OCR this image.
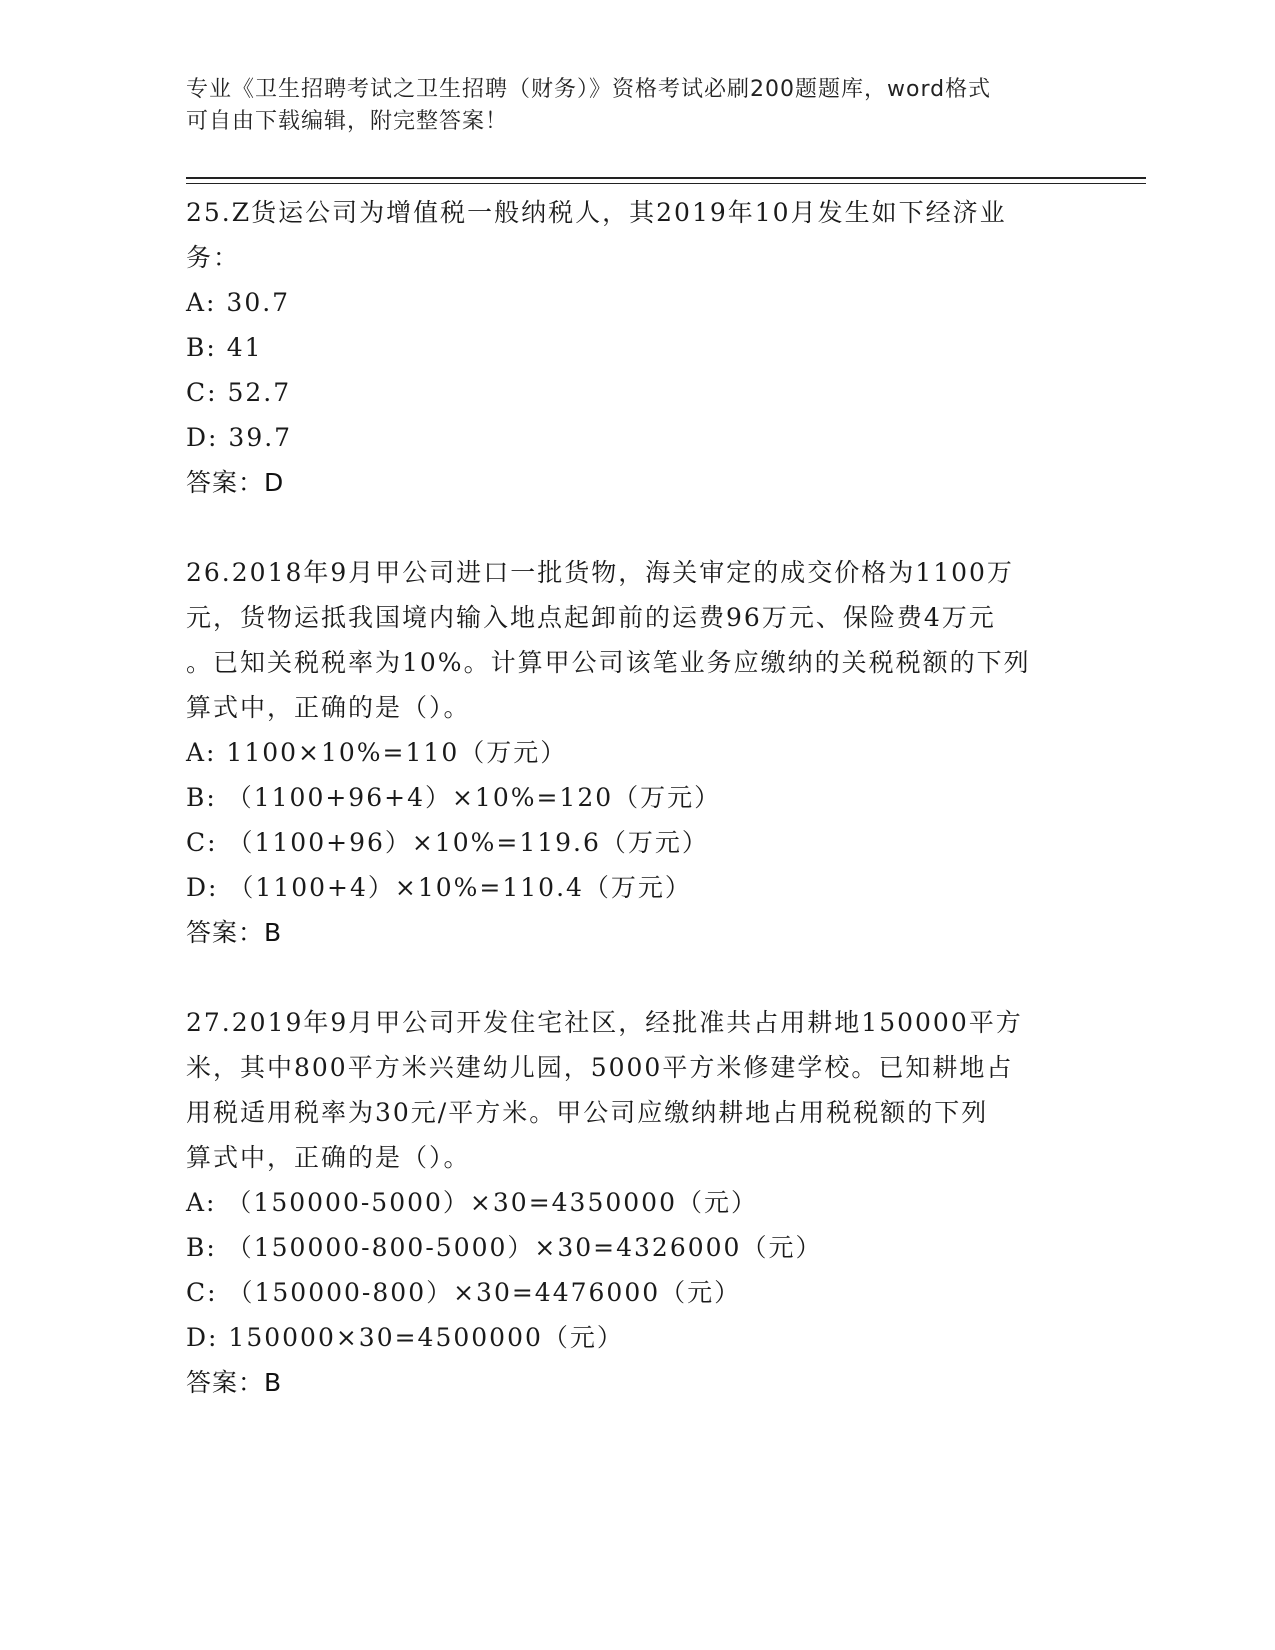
专业《卫生招聘考试之卫生招聘（财务）》资格考试必刷200题题库，word格式
可自由下载编辑，附完整答案！

25.Z货运公司为增值税一般纳税人，其2019年10月发生如下经济业

务：

A: 30.7

B: 41

C: 52.7

D: 39.7

答案：D

26.2018年9月甲公司进口一批货物，海关审定的成交价格为1100万

元，货物运抵我国境内输入地点起卸前的运费96万元、保险费4万元

。已知关税税率为10%。计算甲公司该笔业务应缴纳的关税税额的下列

算式中，正确的是（）。

A: 1100×10%=110（万元）

B: （1100+96+4）×10%=120（万元）

C: （1100+96）×10%=119.6（万元）

D: （1100+4）×10%=110.4（万元）

答案：B

27.2019年9月甲公司开发住宅社区，经批准共占用耕地150000平方

米，其中800平方米兴建幼儿园，5000平方米修建学校。已知耕地占

用税适用税率为30元/平方米。甲公司应缴纳耕地占用税税额的下列

算式中，正确的是（）。

A: （150000-5000）×30=4350000（元）

B: （150000-800-5000）×30=4326000（元）

C: （150000-800）×30=4476000（元）

D: 150000×30=4500000（元）

答案：B
